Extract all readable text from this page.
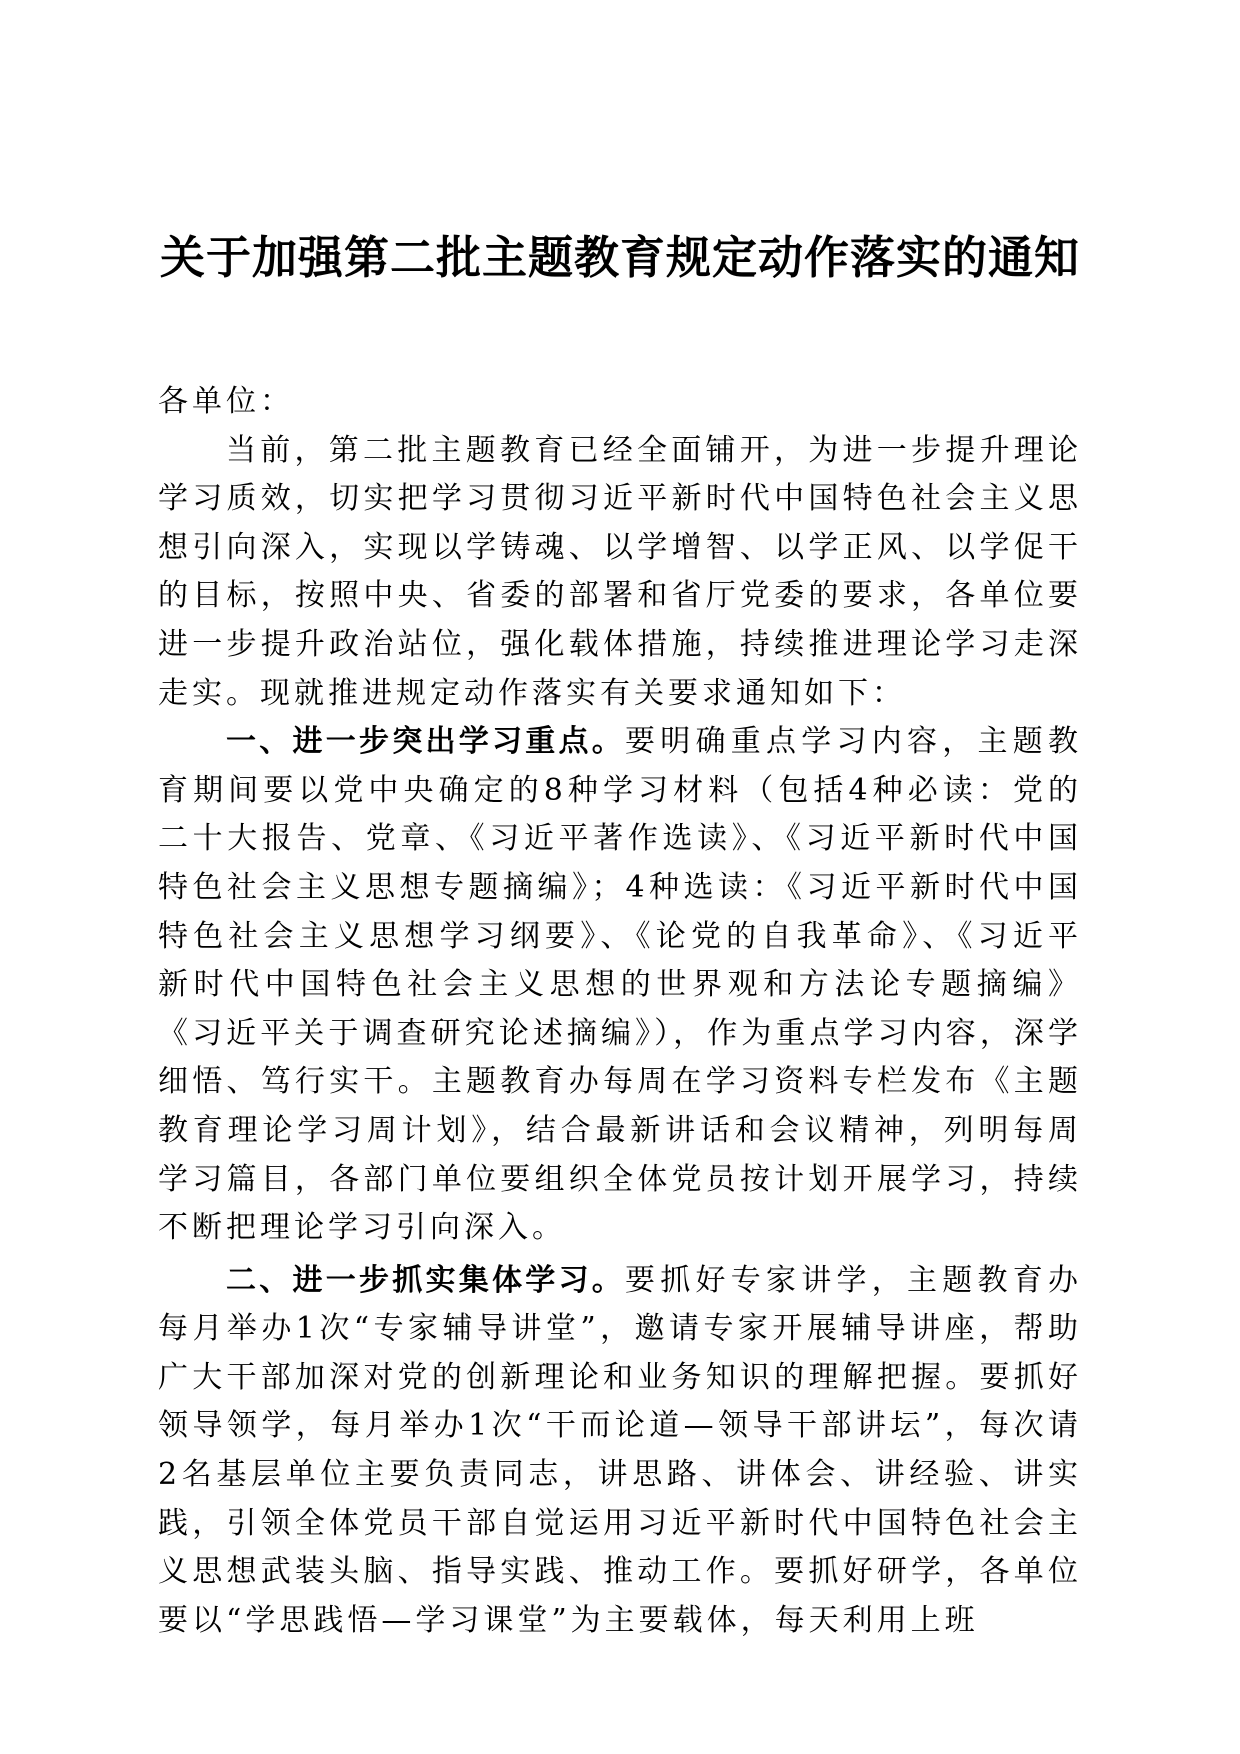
关于加强第二批主题教育规定动作落实的通知

各单位：

当前，第二批主题教育已经全面铺开，为进一步提升理论学习质效，切实把学习贯彻习近平新时代中国特色社会主义思想引向深入，实现以学铸魂、以学增智、以学正风、以学促干的目标，按照中央、省委的部署和省厅党委的要求，各单位要进一步提升政治站位，强化载体措施，持续推进理论学习走深走实。现就推进规定动作落实有关要求通知如下：

一、进一步突出学习重点。要明确重点学习内容，主题教育期间要以党中央确定的8种学习材料（包括4种必读：党的二十大报告、党章、《习近平著作选读》、《习近平新时代中国特色社会主义思想专题摘编》；4种选读：《习近平新时代中国特色社会主义思想学习纲要》、《论党的自我革命》、《习近平新时代中国特色社会主义思想的世界观和方法论专题摘编》《习近平关于调查研究论述摘编》），作为重点学习内容，深学细悟、笃行实干。主题教育办每周在学习资料专栏发布《主题教育理论学习周计划》，结合最新讲话和会议精神，列明每周学习篇目，各部门单位要组织全体党员按计划开展学习，持续不断把理论学习引向深入。

二、进一步抓实集体学习。要抓好专家讲学，主题教育办每月举办1次“专家辅导讲堂”，邀请专家开展辅导讲座，帮助广大干部加深对党的创新理论和业务知识的理解把握。要抓好领导领学，每月举办1次“干而论道—领导干部讲坛”，每次请2名基层单位主要负责同志，讲思路、讲体会、讲经验、讲实践，引领全体党员干部自觉运用习近平新时代中国特色社会主义思想武装头脑、指导实践、推动工作。要抓好研学，各单位要以“学思践悟—学习课堂”为主要载体，每天利用上班
